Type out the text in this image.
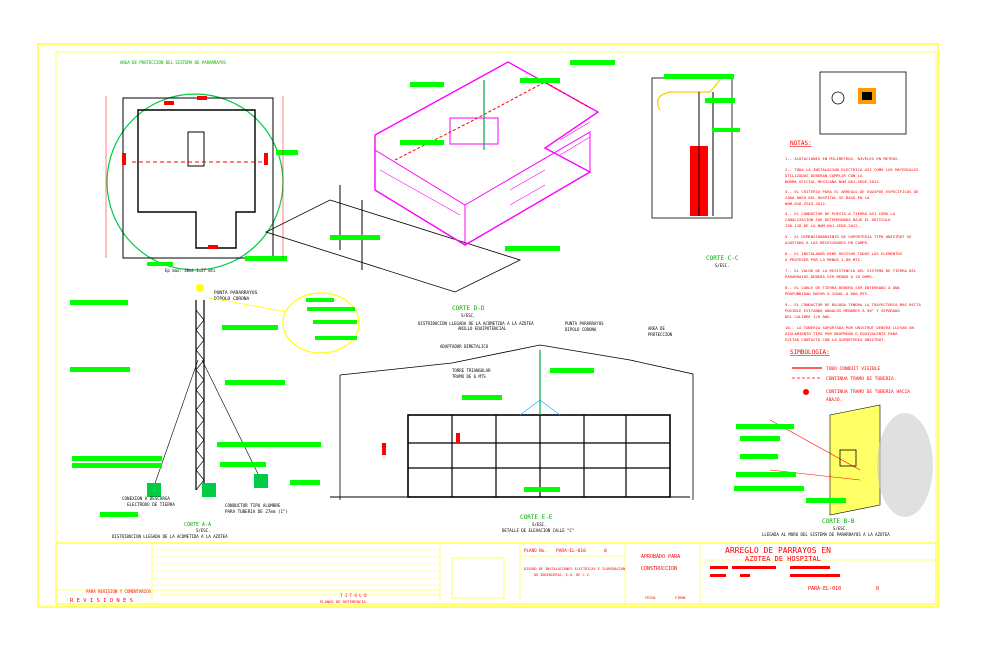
AREA DE PROTECCION DEL SISTEMA DE PARARRAYOS
Ep max: 30mt 1=27 mts
CORTE D-D
S/ESC.
DISTRIBUCION LLEGADA DE LA ACOMETIDA A LA AZOTEA
CORTE C-C
S/ESC.
NOTAS:
1.- ACOTACIONES EN MILIMETROS, NIVELES EN METROS.
2.- TODA LA INSTALACION ELECTRICA ASI COMO LOS MATERIALES
UTILIZADOS DEBERAN CUMPLIR CON LA
NORMA OFICIAL MEXICANA NOM-001-SEDE-2012.
3.- EL CRITERIO PARA EL ARREGLO DE EQUIPOS ESPECIFICOS DE
CADA AREA DEL HOSPITAL SE BASO EN LA
NOM-016-SSA3-2012.
4.- EL CONDUCTOR DE PUESTA A TIERRA ASI COMO LA
CANALIZACION FUE DETERMINADA BAJO EL ARTICULO
250-118 DE LA NOM-001-SEDE-2012.
5.- EL DIMENSIONAMIENTO DE SOPORTERIA TIPO UNISTRUT SE
AJUSTARA A LAS NECESIDADES EN CAMPO.
6.- EL INSTALADOR DEBE REVISAR TODOS LOS ELEMENTOS
A PROTEGER POR LO MENOS 1.00 MTS.
7.- EL VALOR DE LA RESISTENCIA DEL SISTEMA DE TIERRA DEL
PARARRAYOS DEBERA SER MENOR A 10 OHMS.
8.- EL CABLE DE TIERRA DEBERA SER ENTERRADO A UNA
PROFUNDIDAD MAYOR O IGUAL A 600 MTS.
9.- EL CONDUCTOR DE BAJADA TENDRA LA TRAYECTORIA MAS RECTA
POSIBLE EVITANDO ANGULOS MENORES A 90° Y SEPARADO
DEL CALIBRE 1/0 AWG.
10.- LA TUBERIA SOPORTADA POR UNISTRUT DEBERA LLEVAR UN
AISLAMIENTO TIPO POR NEOPRENO O EQUIVALENTE PARA
EVITAR CONTACTO CON LA SOPORTERIA UNISTRUT.
SIMBOLOGIA:
TUBO CONDUIT VISIBLE
CONTINUA TRAMO DE TUBERIA.
CONTINUA TRAMO DE TUBERIA HACIA
ABAJO.
PUNTA PARARRAYOS
DIPOLO CORONA
CONEXION A DESCARGA
ELECTRODO DE TIERRA	CONDUCTOR TIPO ALUMBRE
PARA TUBERIA DE 27mm (1")
CORTE A-A
S/ESC.
DISTRIBUCION LLEGADA DE LA ACOMETIDA A LA AZOTEA
ANILLO EQUIPOTENCIAL
PUNTA PARARRAYOS
DIPOLO CORONA	AREA DE
PROTECCION
ADAPTADOR BIMETALICO
TORRE TRIANGULAR
TRAMO DE 6 MTS
CORTE E-E
S/ESC.
DETALLE DE ELEVACION CALLE "C"
CORTE B-B
S/ESC.
LLEGADA AL MURO DEL SISTEMA DE PARARRAYOS A LA AZOTEA
PARA REVISION Y COMENTARIOS
R E V I S I O N E S
T I T U L O
PLANOS DE REFERENCIA
PLANO No. PARA-EL-010	0
DISEÑO DE INSTALACIONES ELECTRICAS E ILUMINACION
DE INGENIERIA, S.A. DE C.V.
APROBADO PARA
CONSTRUCCION
FECHA	FIRMA
ARREGLO DE PARRAYOS EN
AZOTEA DE HOSPITAL
PARA-EL-010	0
